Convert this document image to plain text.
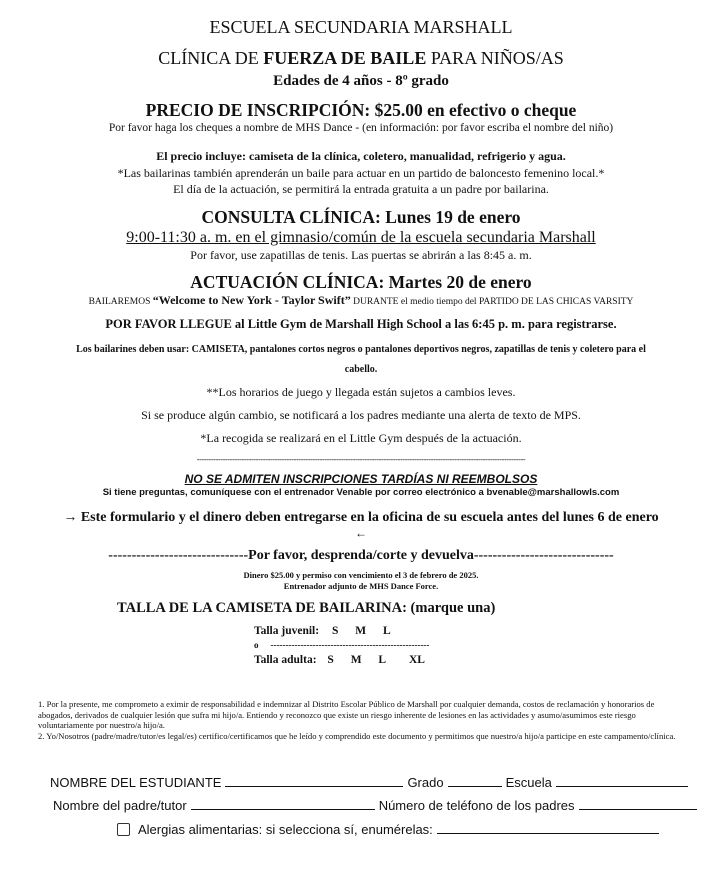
ESCUELA SECUNDARIA MARSHALL
CLÍNICA DE FUERZA DE BAILE PARA NIÑOS/AS
Edades de 4 años - 8º grado
PRECIO DE INSCRIPCIÓN: $25.00 en efectivo o cheque
Por favor haga los cheques a nombre de MHS Dance - (en información: por favor escriba el nombre del niño)
El precio incluye: camiseta de la clínica, coletero, manualidad, refrigerio y agua.
*Las bailarinas también aprenderán un baile para actuar en un partido de baloncesto femenino local.*
El día de la actuación, se permitirá la entrada gratuita a un padre por bailarina.
CONSULTA CLÍNICA: Lunes 19 de enero
9:00-11:30 a. m. en el gimnasio/común de la escuela secundaria Marshall
Por favor, use zapatillas de tenis. Las puertas se abrirán a las 8:45 a. m.
ACTUACIÓN CLÍNICA: Martes 20 de enero
BAILAREMOS “Welcome to New York - Taylor Swift” DURANTE el medio tiempo del PARTIDO DE LAS CHICAS VARSITY
POR FAVOR LLEGUE al Little Gym de Marshall High School a las 6:45 p. m. para registrarse.
Los bailarines deben usar: CAMISETA, pantalones cortos negros o pantalones deportivos negros, zapatillas de tenis y coletero para el
cabello.
**Los horarios de juego y llegada están sujetos a cambios leves.
Si se produce algún cambio, se notificará a los padres mediante una alerta de texto de MPS.
*La recogida se realizará en el Little Gym después de la actuación.
-------------------------------------------------------------------------------------------------------------------------------------------
NO SE ADMITEN INSCRIPCIONES TARDÍAS NI REEMBOLSOS
Si tiene preguntas, comuníquese con el entrenador Venable por correo electrónico a bvenable@marshallowls.com
→ Este formulario y el dinero deben entregarse en la oficina de su escuela antes del lunes 6 de enero
←
------------------------------Por favor, desprenda/corte y devuelva------------------------------
Dinero $25.00 y permiso con vencimiento el 3 de febrero de 2025.
Entrenador adjunto de MHS Dance Force.
TALLA DE LA CAMISETA DE BAILARINA: (marque una)
Talla juvenil: S M L
o -----------------------------------------------------
Talla adulta: S M L XL
1. Por la presente, me comprometo a eximir de responsabilidad e indemnizar al Distrito Escolar Público de Marshall por cualquier demanda, costos de reclamación y honorarios de abogados, derivados de cualquier lesión que sufra mi hijo/a. Entiendo y reconozco que existe un riesgo inherente de lesiones en las actividades y asumo/asumimos este riesgo voluntariamente por nuestro/a hijo/a.
2. Yo/Nosotros (padre/madre/tutor/es legal/es) certifico/certificamos que he leído y comprendido este documento y permitimos que nuestro/a hijo/a participe en este campamento/clínica.
NOMBRE DEL ESTUDIANTE	Grado	Escuela
Nombre del padre/tutor	Número de teléfono de los padres
Alergias alimentarias: si selecciona sí, enumérelas:
